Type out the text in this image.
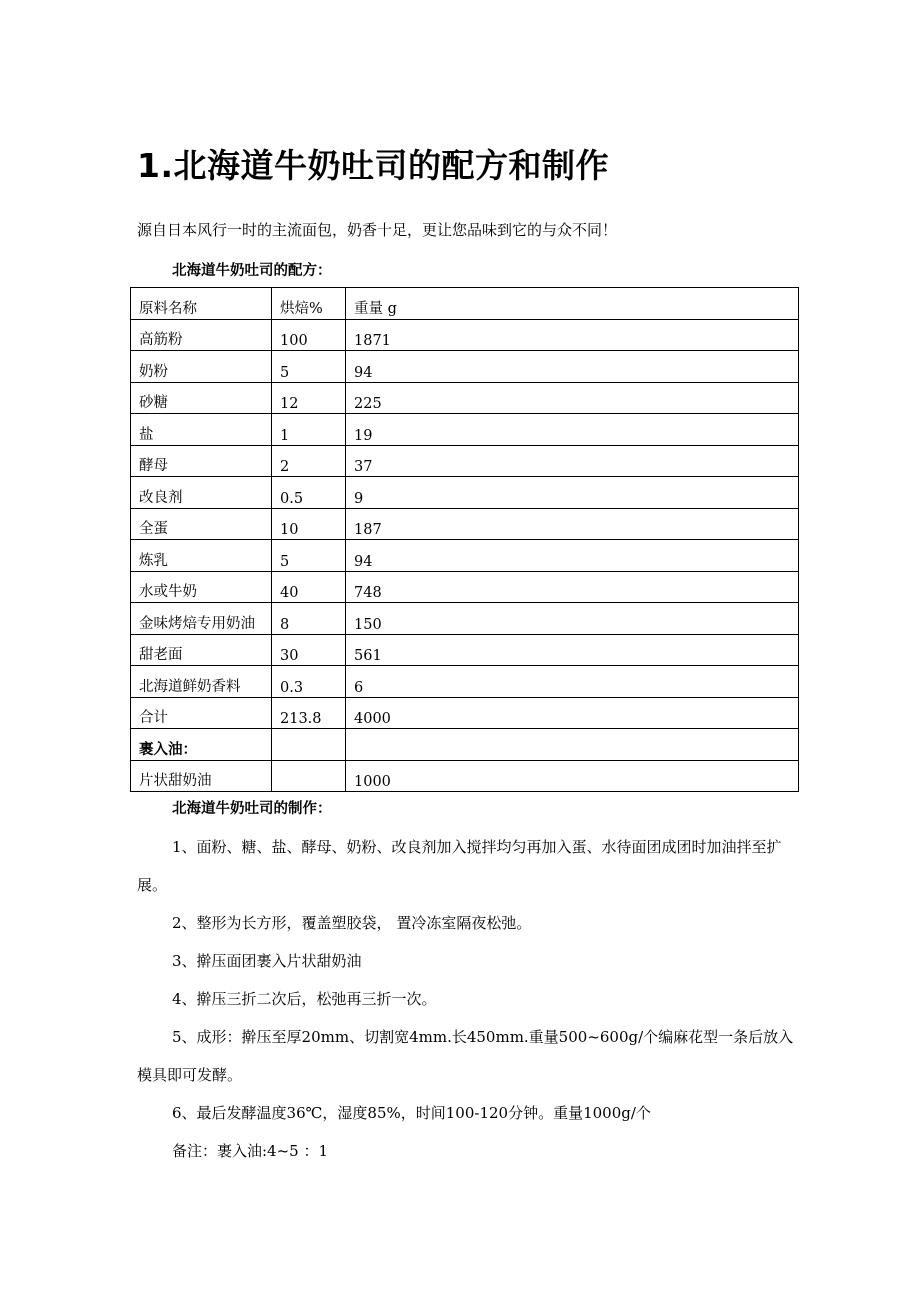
1.北海道牛奶吐司的配方和制作

源自日本风行一时的主流面包，奶香十足，更让您品味到它的与众不同！

北海道牛奶吐司的配方：

原料名称	烘焙%	重量 g
高筋粉	100	1871
奶粉	5	94
砂糖	12	225
盐	1	19
酵母	2	37
改良剂	0.5	9
全蛋	10	187
炼乳	5	94
水或牛奶	40	748
金味烤焙专用奶油	8	150
甜老面	30	561
北海道鲜奶香料	0.3	6
合计	213.8	4000
裹入油：		
片状甜奶油		1000

北海道牛奶吐司的制作：

1、面粉、糖、盐、酵母、奶粉、改良剂加入搅拌均匀再加入蛋、水待面团成团时加油拌至扩展。

2、整形为长方形，覆盖塑胶袋， 置冷冻室隔夜松弛。

3、擀压面团裹入片状甜奶油

4、擀压三折二次后，松弛再三折一次。

5、成形：擀压至厚20mm、切割宽4mm.长450mm.重量500~600g/个编麻花型一条后放入模具即可发酵。

6、最后发酵温度36℃，湿度85%，时间100-120分钟。重量1000g/个

备注：裹入油:4~5 ：1
